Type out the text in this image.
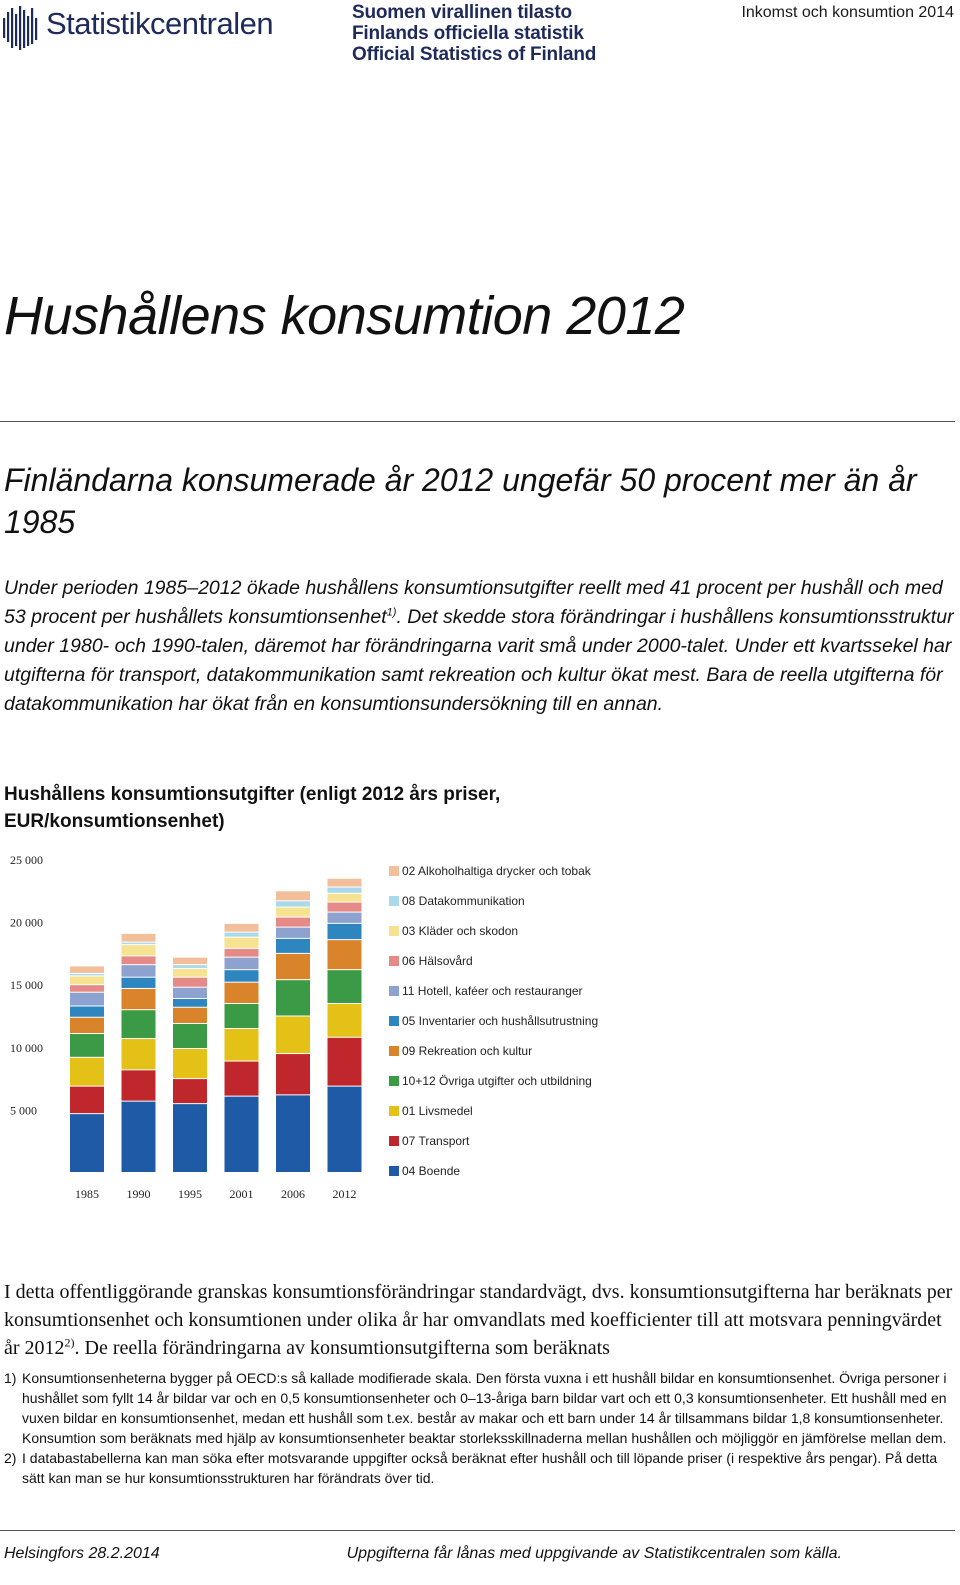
Statistikcentralen	Suomen virallinen tilasto
Finlands officiella statistik
Official Statistics of Finland
Inkomst och konsumtion 2014
Hushållens konsumtion 2012
Finländarna konsumerade år 2012 ungefär 50 procent mer än år 1985
Under perioden 1985–2012 ökade hushållens konsumtionsutgifter reellt med 41 procent per hushåll och med 53 procent per hushållets konsumtionsenhet$^{1)}$. Det skedde stora förändringar i hushållens konsumtionsstruktur under 1980- och 1990-talen, däremot har förändringarna varit små under 2000-talet. Under ett kvartssekel har utgifterna för transport, datakommunikation samt rekreation och kultur ökat mest. Bara de reella utgifterna för datakommunikation har ökat från en konsumtionsundersökning till en annan.
Hushållens konsumtionsutgifter (enligt 2012 års priser, EUR/konsumtionsenhet)
25 000
20 000
15 000
10 000
5 000
1985 1990 1995 2001 2006 2012
02 Alkoholhaltiga drycker och tobak
08 Datakommunikation
03 Kläder och skodon
06 Hälsovård
11 Hotell, kaféer och restauranger
05 Inventarier och hushållsutrustning
09 Rekreation och kultur
10+12 Övriga utgifter och utbildning
01 Livsmedel
07 Transport
04 Boende
I detta offentliggörande granskas konsumtionsförändringar standardvägt, dvs. konsumtionsutgifterna har beräknats per konsumtionsenhet och konsumtionen under olika år har omvandlats med koefficienter till att motsvara penningvärdet år 2012$^{2)}$. De reella förändringarna av konsumtionsutgifterna som beräknats
1) Konsumtionsenheterna bygger på OECD:s så kallade modifierade skala. Den första vuxna i ett hushåll bildar en konsumtionsenhet. Övriga personer i hushållet som fyllt 14 år bildar var och en 0,5 konsumtionsenheter och 0–13-åriga barn bildar vart och ett 0,3 konsumtionsenheter. Ett hushåll med en vuxen bildar en konsumtionsenhet, medan ett hushåll som t.ex. består av makar och ett barn under 14 år tillsammans bildar 1,8 konsumtionsenheter. Konsumtion som beräknats med hjälp av konsumtionsenheter beaktar storleksskillnaderna mellan hushållen och möjliggör en jämförelse mellan dem.
2) I databastabellerna kan man söka efter motsvarande uppgifter också beräknat efter hushåll och till löpande priser (i respektive års pengar). På detta sätt kan man se hur konsumtionsstrukturen har förändrats över tid.
Helsingfors 28.2.2014	Uppgifterna får lånas med uppgivande av Statistikcentralen som källa.
